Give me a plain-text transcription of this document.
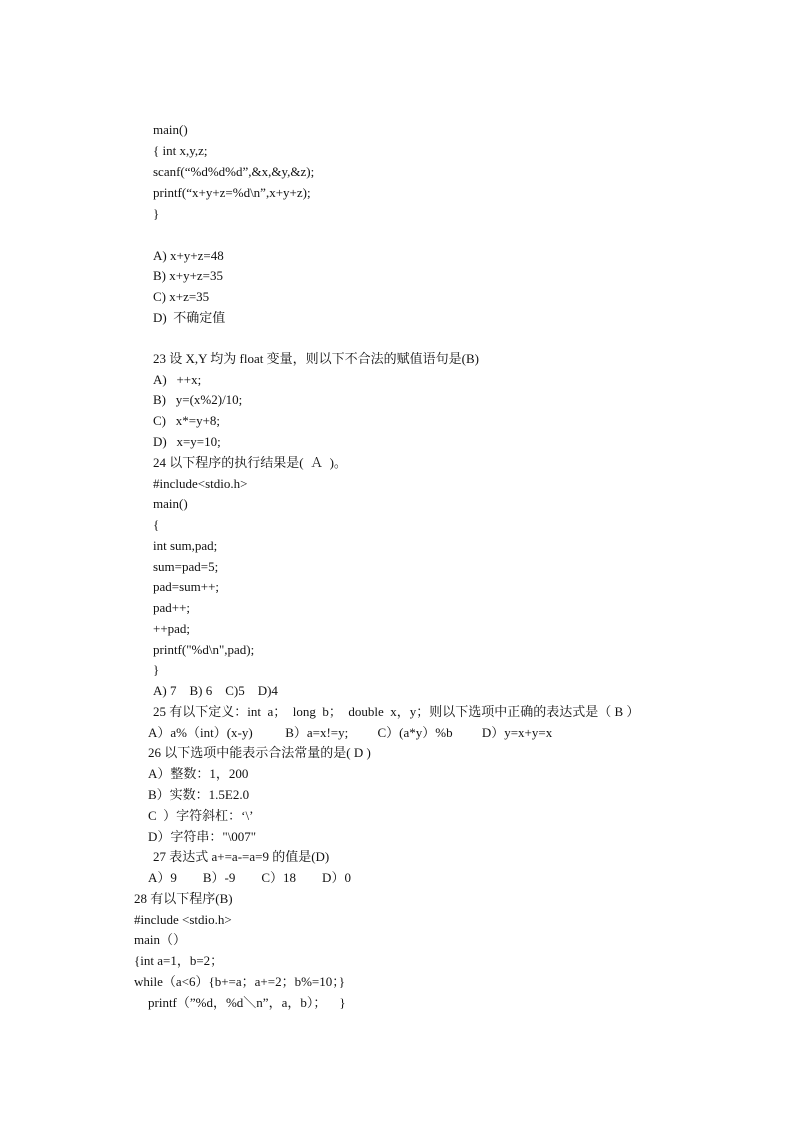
main()
{ int x,y,z;
scanf(“%d%d%d”,&x,&y,&z);
printf(“x+y+z=%d\n”,x+y+z);
}
A) x+y+z=48
B) x+y+z=35
C) x+z=35
D)  不确定值
23 设 X,Y 均为 float 变量，则以下不合法的赋值语句是(B)
A)   ++x;
B)   y=(x%2)/10;
C)   x*=y+8;
D)   x=y=10;
24 以下程序的执行结果是(  Ａ  )。
#include<stdio.h>
main()
{
int sum,pad;
sum=pad=5;
pad=sum++;
pad++;
++pad;
printf("%d\n",pad);
}
A) 7    B) 6    C)5    D)4
25 有以下定义：int  a；  long  b；  double  x，y；则以下选项中正确的表达式是（ B ）
A）a%（int）(x-y)          B）a=x!=y;         C）(a*y）%b         D）y=x+y=x
26 以下选项中能表示合法常量的是( D )
A）整数：1，200
B）实数：1.5E2.0
C  ）字符斜杠：‘\’
D）字符串："\007"
27 表达式 a+=a-=a=9 的值是(D)
A）9        B）-9        C）18        D）0
28 有以下程序(B)
#include <stdio.h>
main（）
{int a=1，b=2；
while（a<6）{b+=a；a+=2；b%=10；}
printf（”%d，%d＼n”，a，b）；    }
